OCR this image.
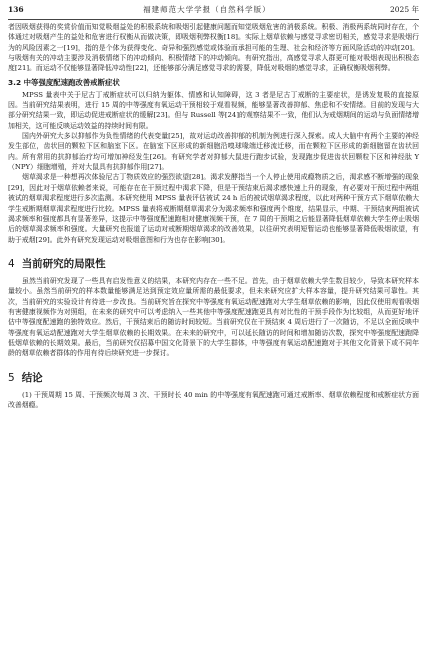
136	福建师范大学学报（自然科学版）	2025 年

者因吸烟获得的奖赏价值而知觉吸烟益处的积极系统和吸烟引起健康问题而知觉吸烟危害的消极系统。积极、消极两系统同时存在，个体通过对吸烟产生的益处和危害进行权衡从而做决策，即吸烟利弊权衡[18]。实际上烟草依赖与感觉寻求密切相关，感觉寻求是吸烟行为的风险因素之一[19]，指的是个体为获得变化、奇异和强烈感觉或体验而承担可能的生理、社会和经济等方面风险活动的冲动[20]。与吸烟有关的冲动主要涉及消极情绪下的冲动倾向、积极情绪下的冲动倾向。有研究指出，高感觉寻求人群更可能对吸烟表现出积极态度[21]。而运动不仅能够显著降低冲动性[22]，还能够部分满足感觉寻求的需要，降低对吸烟的感觉寻求，正确权衡吸烟利弊。

3.2 中等强度配速跑改善戒断症状

MPSS 量表中关于尼古丁戒断症状可以归纳为躯体、情感和认知障碍，这 3 者是尼古丁戒断的主要症状，是诱发复吸的直接原因。当前研究结果表明，进行 15 周的中等强度有氧运动干预相较于观看视频，能够显著改善抑郁、焦虑和不安情绪。目前的发现与大部分研究结果一致，即运动促进戒断症状的缓解[23]。但与 Russell 等[24]的观察结果不一致，他们认为戒烟期间的运动与负面情绪增加相关，这可能反映运动效益的持续时间有限。

国内外研究大多以抑郁作为负性情绪的代表变量[25]，故对运动改善抑郁的机制为例进行深入探索。成人大脑中有两个主要的神经发生部位，齿状回的颗粒下区和脑室下区。在脑室下区形成的新细胞沿嗅球喙端迁移流迁移，而在颗粒下区形成的新细胞留在齿状回内。所有常用的抗抑郁治疗均可增加神经发生[26]。有研究学者对抑郁大鼠进行跑步试验，发现跑步促进齿状回颗粒下区和神经肽 Y（NPY）细胞增殖，并对大鼠具有抗抑郁作用[27]。

烟草渴求是一种想再次体验尼古丁物质效应的强烈欲望[28]。渴求发酵指当一个人停止使用成瘾物质之后，渴求感不断增强的现象[29]，因此对于烟草依赖者来说，可能存在在干预过程中渴求下降，但是干预结束后渴求感快速上升的现象，有必要对干预过程中两组被试的烟草渴求程度进行多次监测。本研究使用 MPSS 量表评估被试 24 h 后的被试烟草渴求程度，以此对两种干预方式下烟草依赖大学生戒断期烟草渴求程度进行比较。MPSS 量表将戒断期烟草渴求分为渴求频率和强度两个维度，结果显示，中期、干预结束两组被试渴求频率和强度都具有显著差异，这提示中等强度配速跑相对健康视频干预，在 7 周的干预期之后能显著降低烟草依赖大学生停止吸烟后的烟草渴求频率和强度。大量研究也报道了运动对戒断期烟草渴求的改善效果，以往研究表明短暂运动也能够显著降低吸烟欲望，有助于戒烟[29]。此外有研究发现运动对吸烟意图和行为也存在影响[30]。

4 当前研究的局限性

虽然当前研究发现了一些具有启发性意义的结果，本研究内存在一些不足。首先，由于烟草依赖大学生数目较少，导致本研究样本量较小。虽然当前研究的样本数量能够满足达到预定效应量所需的最低要求，但未来研究应扩大样本容量，提升研究结果可靠性。其次，当前研究的实验设计有待进一步改良。当前研究旨在探究中等强度有氧运动配速跑对大学生烟草依赖的影响，因此仅使用观看吸烟有害健康视频作为对照组，在未来的研究中可以考虑纳入一些其他中等强度配速跑更具有对比性的干预手段作为比较组，从而更好地评估中等强度配速跑的独特效应。然后，干预结束后的随访时间较短。当前研究仅在干预结束 4 周后进行了一次随访，不足以全面反映中等强度有氧运动配速跑对大学生烟草依赖的长期效果。在未来的研究中，可以延长随访的时间和增加随访次数，探究中等强度配速跑降低烟草依赖的长期效果。最后，当前研究仅招募中国文化背景下的大学生群体，中等强度有氧运动配速跑对于其他文化背景下或不同年龄的烟草依赖者群体的作用有待后续研究进一步探讨。

5 结论

(1) 干预周期 15 周、干预频次每周 3 次、干预时长 40 min 的中等强度有氧配速跑可通过戒断率、烟草依赖程度和戒断症状方面改善烟瘾。
